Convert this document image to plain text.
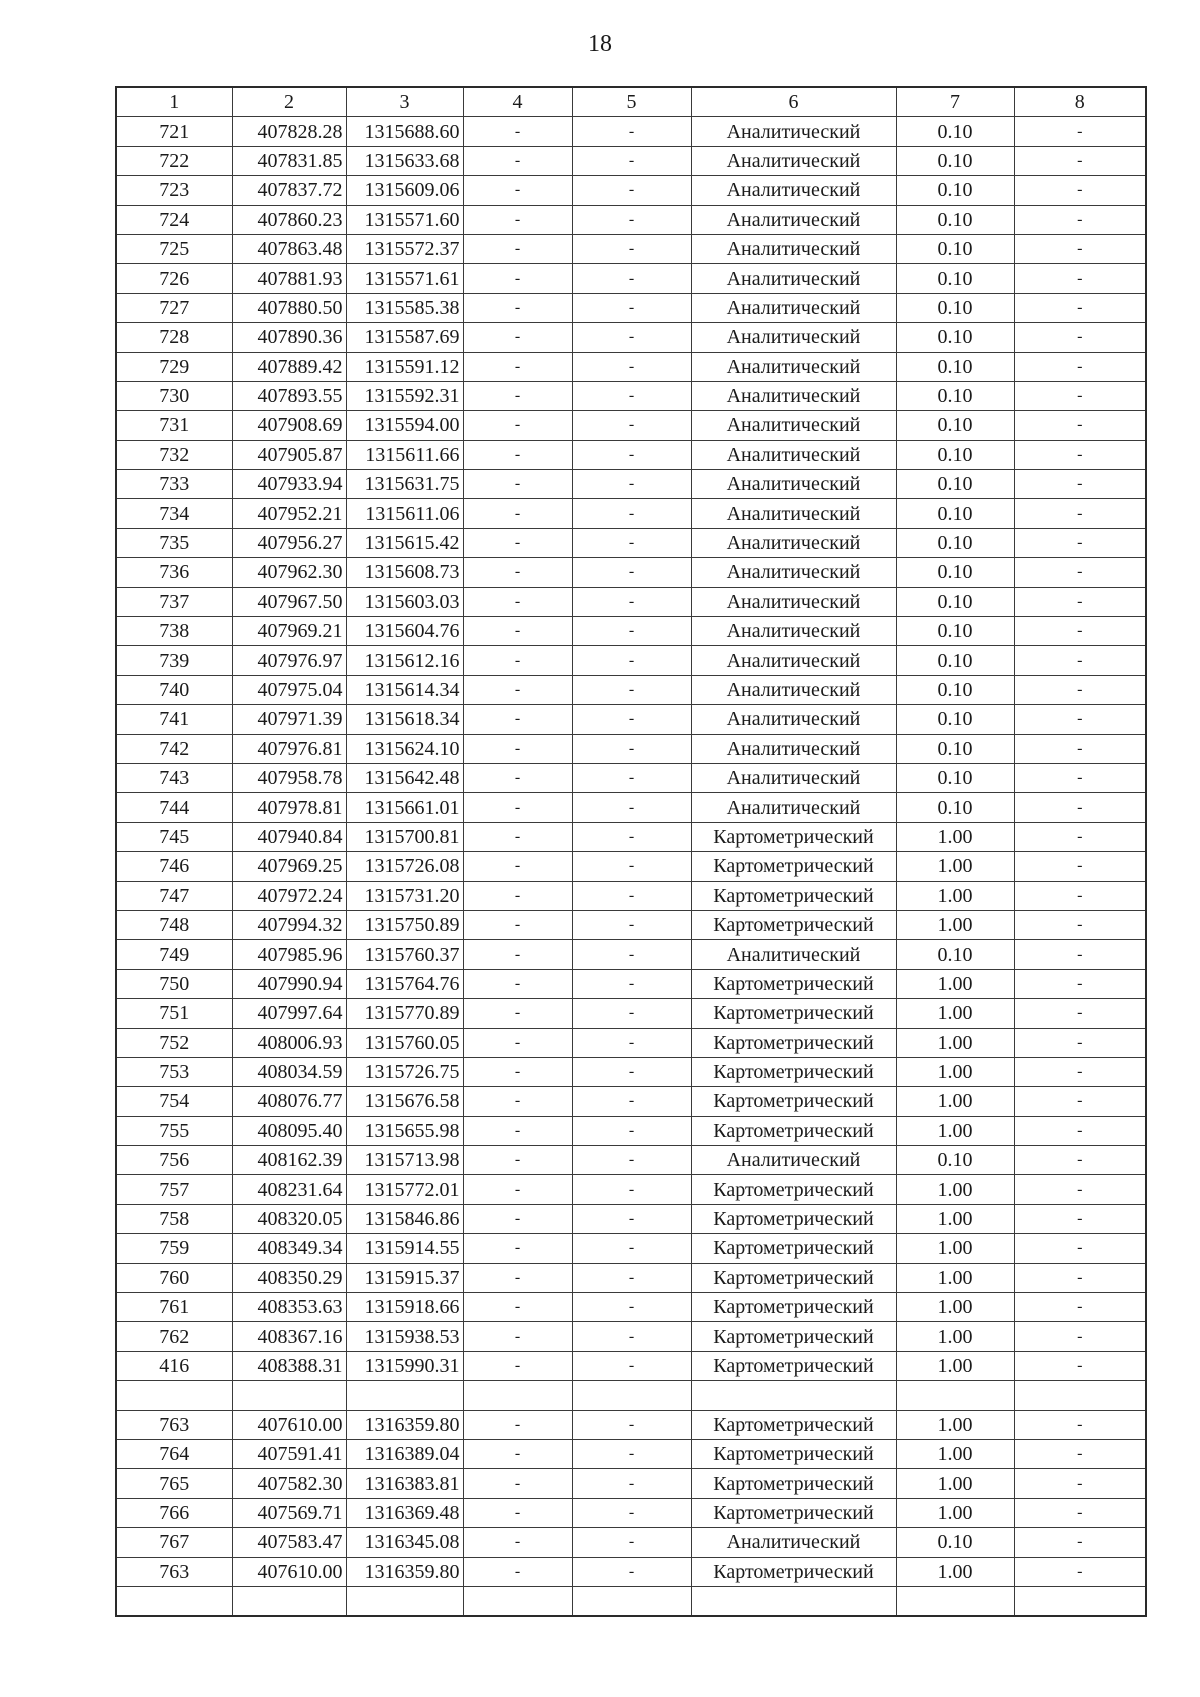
18
1	2	3	4	5	6	7	8
721	407828.28	1315688.60	-	-	Аналитический	0.10	-
722	407831.85	1315633.68	-	-	Аналитический	0.10	-
723	407837.72	1315609.06	-	-	Аналитический	0.10	-
724	407860.23	1315571.60	-	-	Аналитический	0.10	-
725	407863.48	1315572.37	-	-	Аналитический	0.10	-
726	407881.93	1315571.61	-	-	Аналитический	0.10	-
727	407880.50	1315585.38	-	-	Аналитический	0.10	-
728	407890.36	1315587.69	-	-	Аналитический	0.10	-
729	407889.42	1315591.12	-	-	Аналитический	0.10	-
730	407893.55	1315592.31	-	-	Аналитический	0.10	-
731	407908.69	1315594.00	-	-	Аналитический	0.10	-
732	407905.87	1315611.66	-	-	Аналитический	0.10	-
733	407933.94	1315631.75	-	-	Аналитический	0.10	-
734	407952.21	1315611.06	-	-	Аналитический	0.10	-
735	407956.27	1315615.42	-	-	Аналитический	0.10	-
736	407962.30	1315608.73	-	-	Аналитический	0.10	-
737	407967.50	1315603.03	-	-	Аналитический	0.10	-
738	407969.21	1315604.76	-	-	Аналитический	0.10	-
739	407976.97	1315612.16	-	-	Аналитический	0.10	-
740	407975.04	1315614.34	-	-	Аналитический	0.10	-
741	407971.39	1315618.34	-	-	Аналитический	0.10	-
742	407976.81	1315624.10	-	-	Аналитический	0.10	-
743	407958.78	1315642.48	-	-	Аналитический	0.10	-
744	407978.81	1315661.01	-	-	Аналитический	0.10	-
745	407940.84	1315700.81	-	-	Картометрический	1.00	-
746	407969.25	1315726.08	-	-	Картометрический	1.00	-
747	407972.24	1315731.20	-	-	Картометрический	1.00	-
748	407994.32	1315750.89	-	-	Картометрический	1.00	-
749	407985.96	1315760.37	-	-	Аналитический	0.10	-
750	407990.94	1315764.76	-	-	Картометрический	1.00	-
751	407997.64	1315770.89	-	-	Картометрический	1.00	-
752	408006.93	1315760.05	-	-	Картометрический	1.00	-
753	408034.59	1315726.75	-	-	Картометрический	1.00	-
754	408076.77	1315676.58	-	-	Картометрический	1.00	-
755	408095.40	1315655.98	-	-	Картометрический	1.00	-
756	408162.39	1315713.98	-	-	Аналитический	0.10	-
757	408231.64	1315772.01	-	-	Картометрический	1.00	-
758	408320.05	1315846.86	-	-	Картометрический	1.00	-
759	408349.34	1315914.55	-	-	Картометрический	1.00	-
760	408350.29	1315915.37	-	-	Картометрический	1.00	-
761	408353.63	1315918.66	-	-	Картометрический	1.00	-
762	408367.16	1315938.53	-	-	Картометрический	1.00	-
416	408388.31	1315990.31	-	-	Картометрический	1.00	-

763	407610.00	1316359.80	-	-	Картометрический	1.00	-
764	407591.41	1316389.04	-	-	Картометрический	1.00	-
765	407582.30	1316383.81	-	-	Картометрический	1.00	-
766	407569.71	1316369.48	-	-	Картометрический	1.00	-
767	407583.47	1316345.08	-	-	Аналитический	0.10	-
763	407610.00	1316359.80	-	-	Картометрический	1.00	-
